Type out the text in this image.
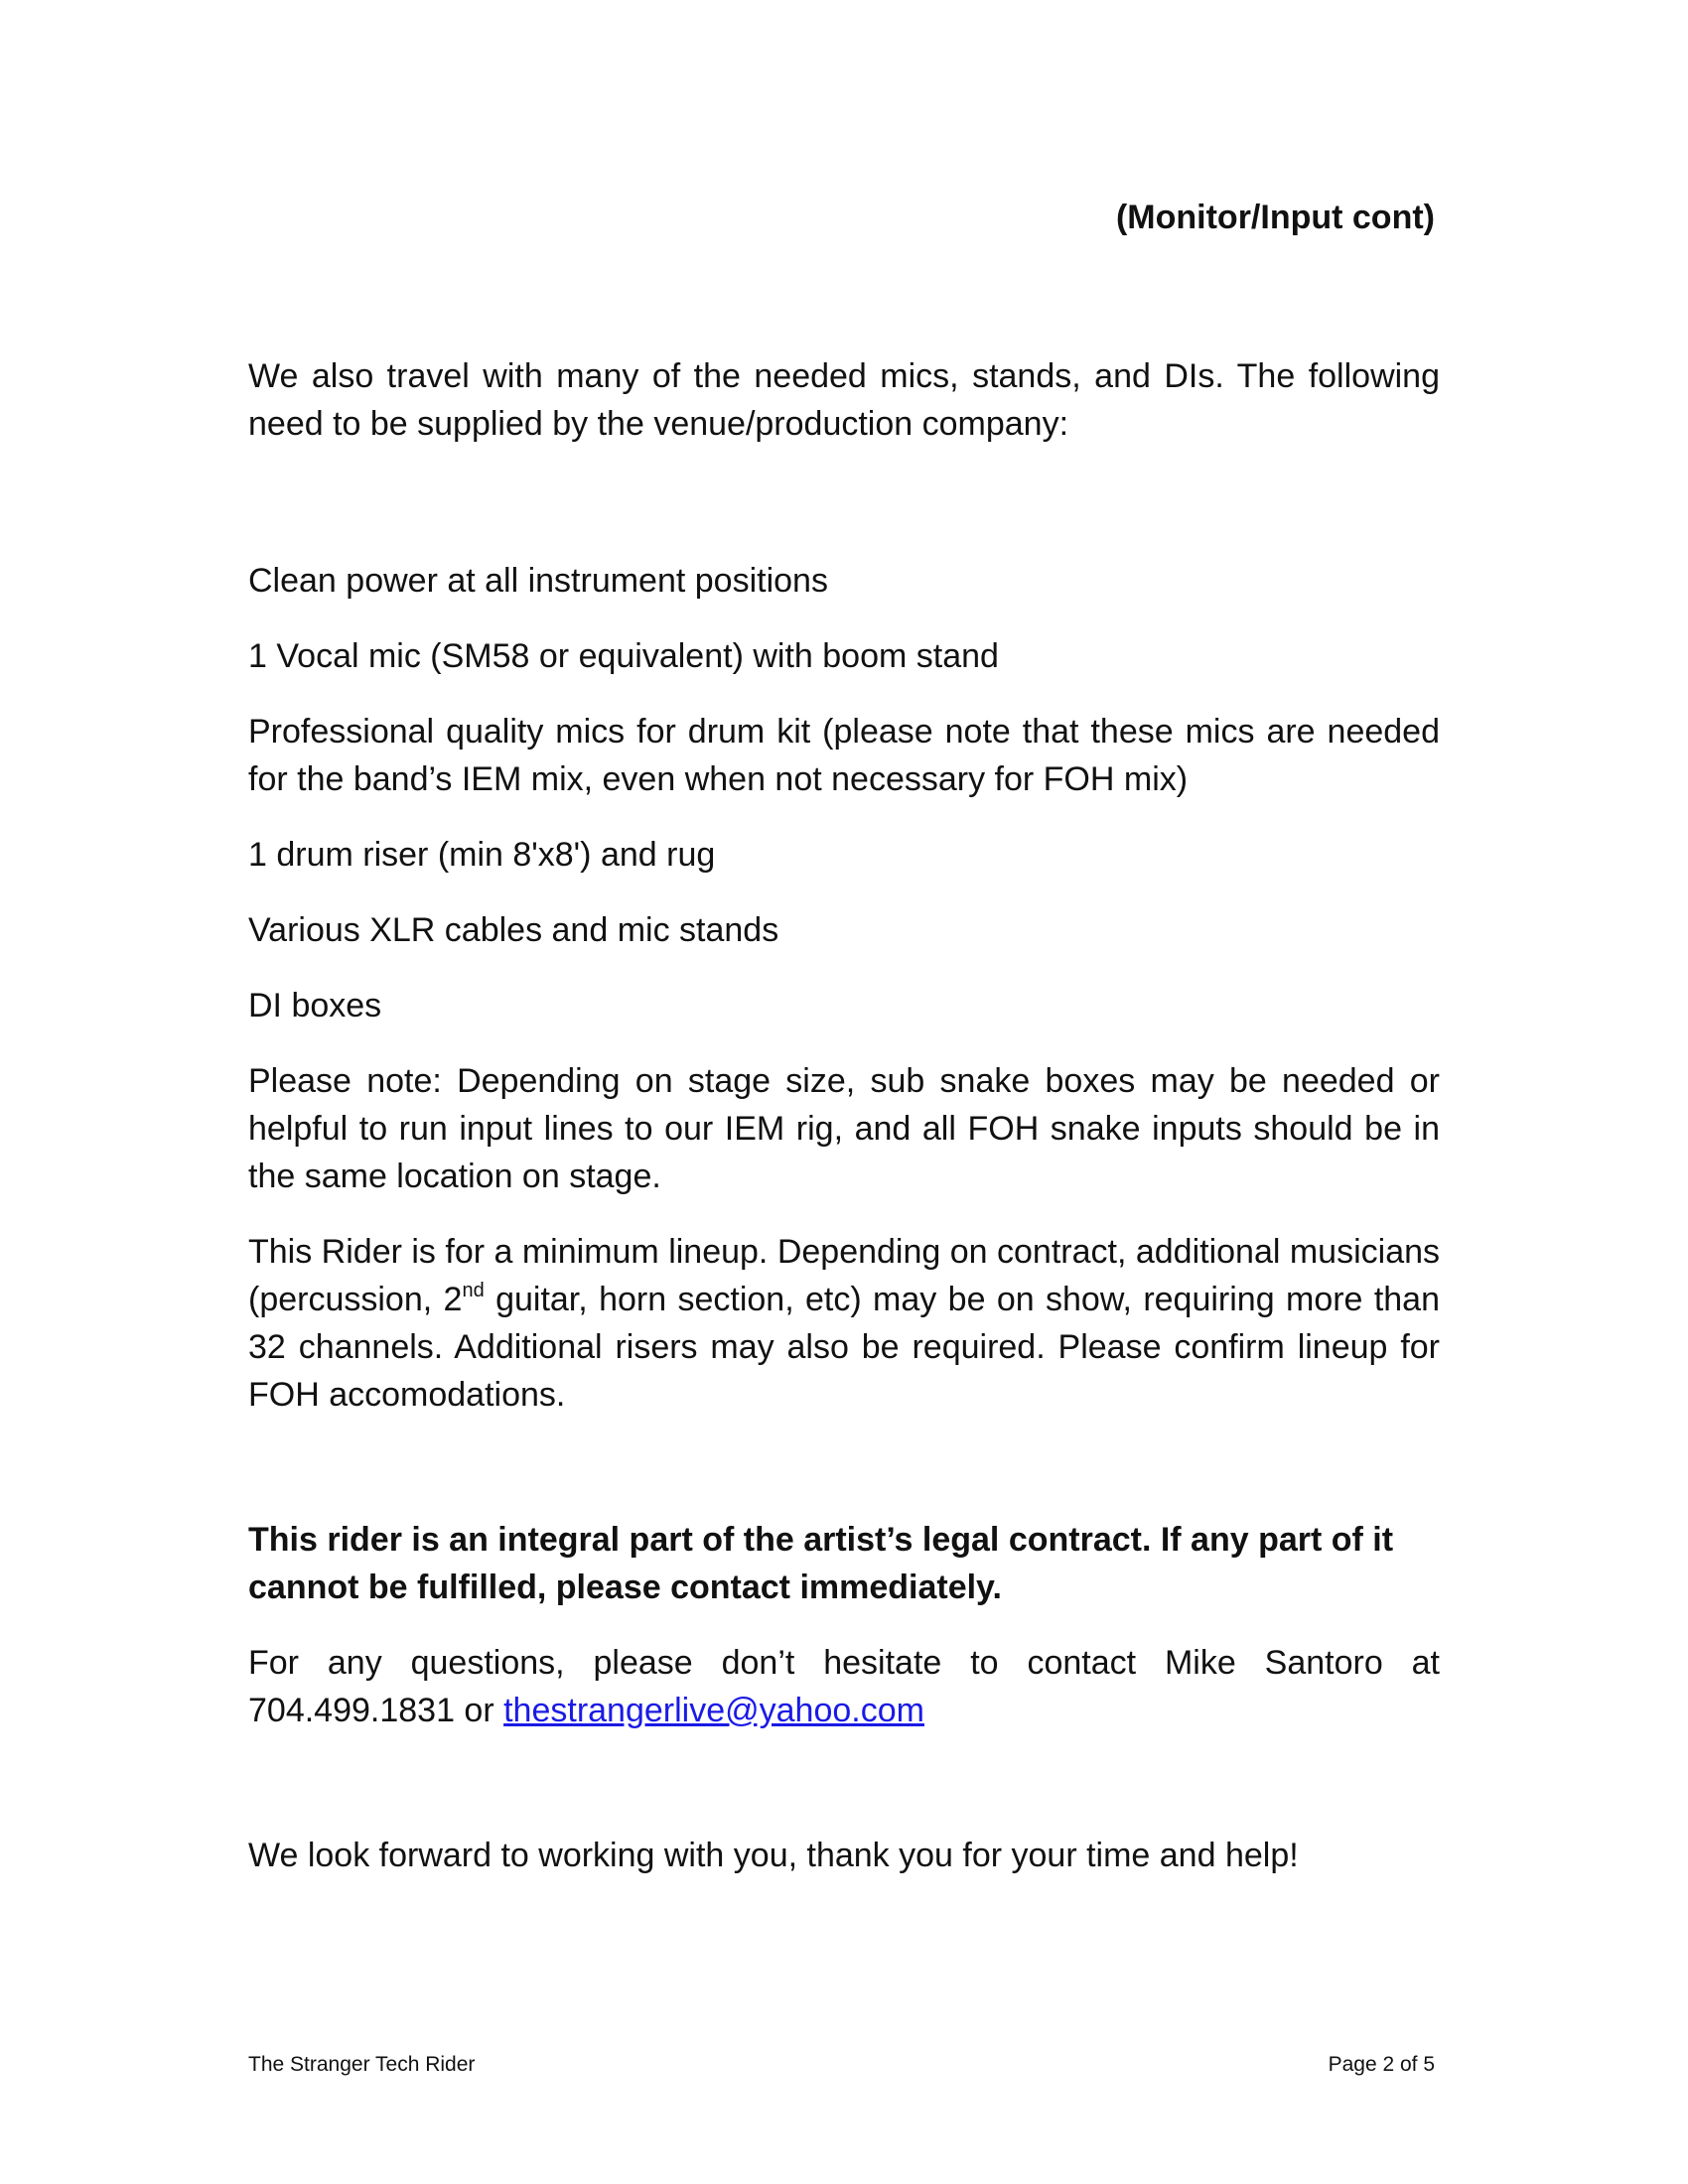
(Monitor/Input cont)

We also travel with many of the needed mics, stands, and DIs. The following need to be supplied by the venue/production company:

Clean power at all instrument positions

1 Vocal mic (SM58 or equivalent) with boom stand

Professional quality mics for drum kit (please note that these mics are needed for the band’s IEM mix, even when not necessary for FOH mix)

1 drum riser (min 8'x8') and rug

Various XLR cables and mic stands

DI boxes

Please note: Depending on stage size, sub snake boxes may be needed or helpful to run input lines to our IEM rig, and all FOH snake inputs should be in the same location on stage.

This Rider is for a minimum lineup. Depending on contract, additional musicians (percussion, 2nd guitar, horn section, etc) may be on show, requiring more than 32 channels. Additional risers may also be required. Please confirm lineup for FOH accomodations.

This rider is an integral part of the artist’s legal contract. If any part of it cannot be fulfilled, please contact immediately.

For any questions, please don’t hesitate to contact Mike Santoro at 704.499.1831 or thestrangerlive@yahoo.com

We look forward to working with you, thank you for your time and help!

The Stranger Tech Rider	Page 2 of 5
